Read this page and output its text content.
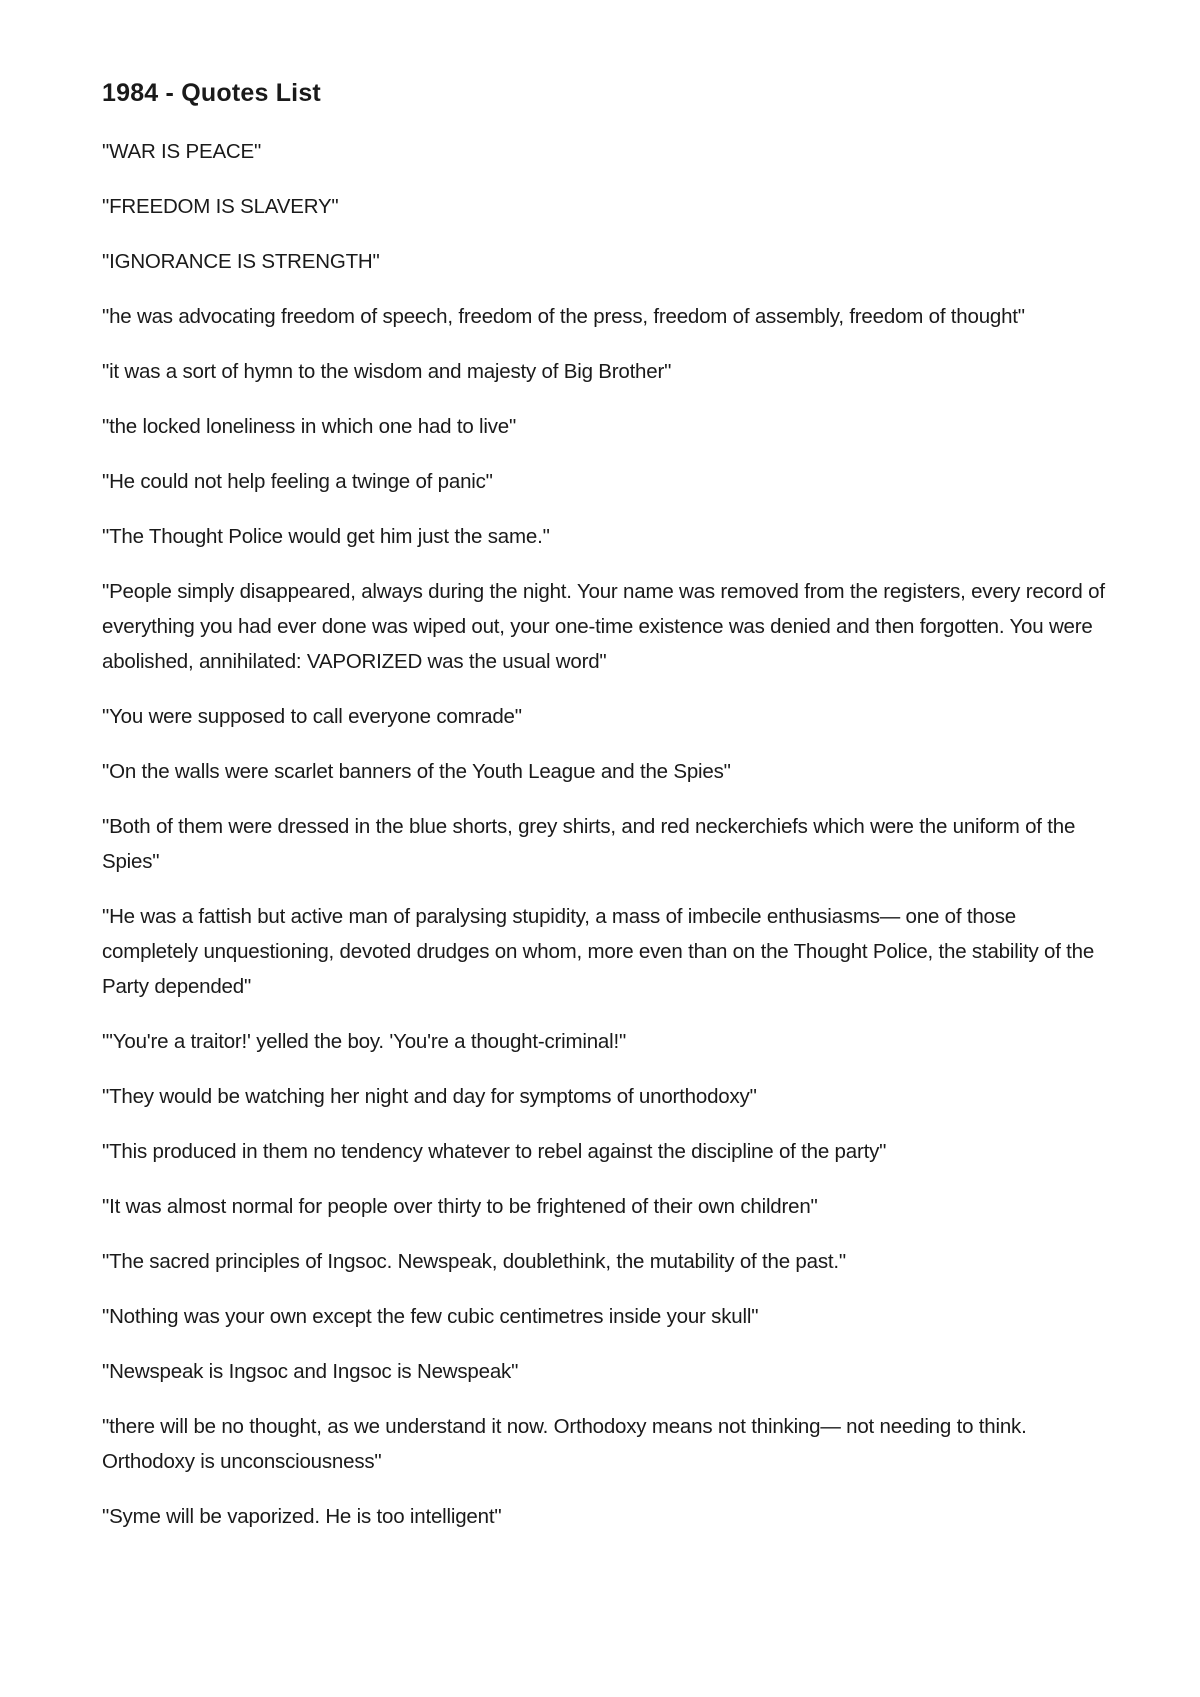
1984 - Quotes List

"WAR IS PEACE"

"FREEDOM IS SLAVERY"

"IGNORANCE IS STRENGTH"

"he was advocating freedom of speech, freedom of the press, freedom of assembly, freedom of thought"

"it was a sort of hymn to the wisdom and majesty of Big Brother"

"the locked loneliness in which one had to live"

"He could not help feeling a twinge of panic"

"The Thought Police would get him just the same."

"People simply disappeared, always during the night. Your name was removed from the registers, every record of everything you had ever done was wiped out, your one-time existence was denied and then forgotten. You were abolished, annihilated: VAPORIZED was the usual word"

"You were supposed to call everyone comrade"

"On the walls were scarlet banners of the Youth League and the Spies"

"Both of them were dressed in the blue shorts, grey shirts, and red neckerchiefs which were the uniform of the Spies"

"He was a fattish but active man of paralysing stupidity, a mass of imbecile enthusiasms— one of those completely unquestioning, devoted drudges on whom, more even than on the Thought Police, the stability of the Party depended"

"'You're a traitor!' yelled the boy. 'You're a thought-criminal!"

"They would be watching her night and day for symptoms of unorthodoxy"

"This produced in them no tendency whatever to rebel against the discipline of the party"

"It was almost normal for people over thirty to be frightened of their own children"

"The sacred principles of Ingsoc. Newspeak, doublethink, the mutability of the past."

"Nothing was your own except the few cubic centimetres inside your skull"

"Newspeak is Ingsoc and Ingsoc is Newspeak"

"there will be no thought, as we understand it now. Orthodoxy means not thinking— not needing to think. Orthodoxy is unconsciousness"

"Syme will be vaporized. He is too intelligent"
